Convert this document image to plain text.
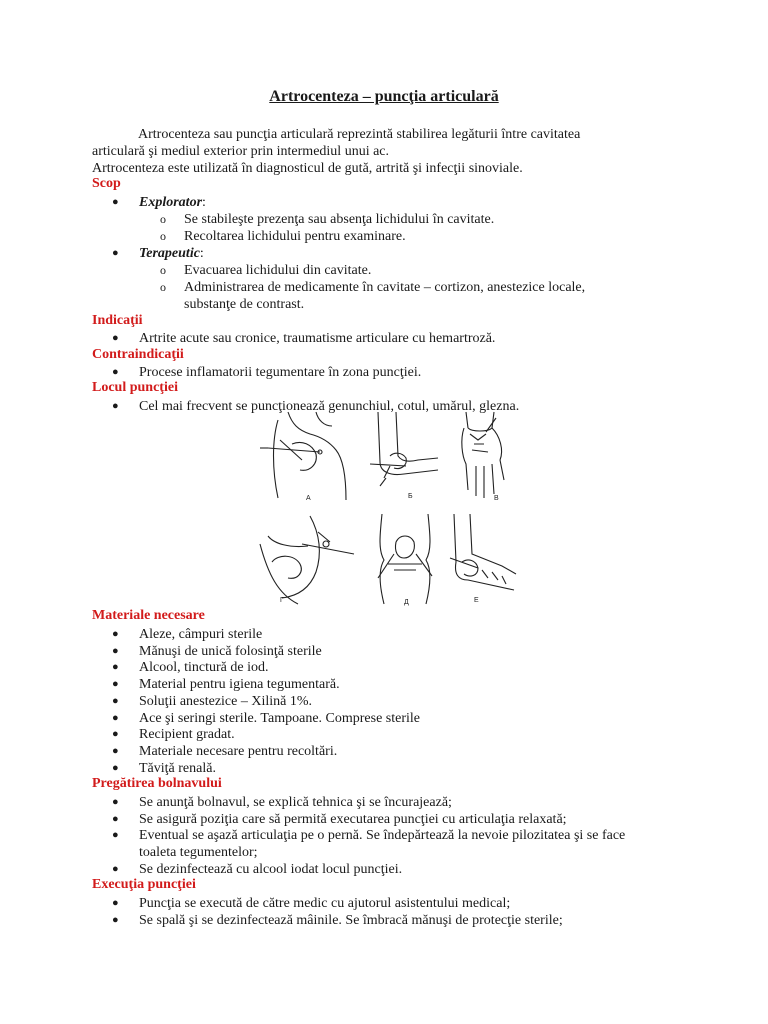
Artrocenteza – puncţia articulară
Artrocenteza sau puncţia articulară reprezintă stabilirea legăturii între cavitatea
articulară şi mediul exterior prin intermediul unui ac.
Artrocenteza este utilizată în diagnosticul de gută, artrită şi infecţii sinoviale.
Scop
● Explorator:
o Se stabileşte prezenţa sau absenţa lichidului în cavitate.
o Recoltarea lichidului pentru examinare.
● Terapeutic:
o Evacuarea lichidului din cavitate.
o Administrarea de medicamente în cavitate – cortizon, anestezice locale,
substanţe de contrast.
Indicaţii
● Artrite acute sau cronice, traumatisme articulare cu hemartroză.
Contraindicaţii
● Procese inflamatorii tegumentare în zona puncţiei.
Locul puncţiei
● Cel mai frecvent se puncţionează genunchiul, cotul, umărul, glezna.
А	Б	В
Г	Д	Е
Materiale necesare
● Aleze, câmpuri sterile
● Mănuşi de unică folosinţă sterile
● Alcool, tinctură de iod.
● Material pentru igiena tegumentară.
● Soluţii anestezice – Xilină 1%.
● Ace şi seringi sterile. Tampoane. Comprese sterile
● Recipient gradat.
● Materiale necesare pentru recoltări.
● Tăviţă renală.
Pregătirea bolnavului
● Se anunţă bolnavul, se explică tehnica şi se încurajează;
● Se asigură poziţia care să permită executarea puncţiei cu articulaţia relaxată;
● Eventual se aşază articulaţia pe o pernă. Se îndepărtează la nevoie pilozitatea şi se face
toaleta tegumentelor;
● Se dezinfectează cu alcool iodat locul puncţiei.
Execuţia puncţiei
● Puncţia se execută de către medic cu ajutorul asistentului medical;
● Se spală şi se dezinfectează mâinile. Se îmbracă mănuşi de protecţie sterile;
